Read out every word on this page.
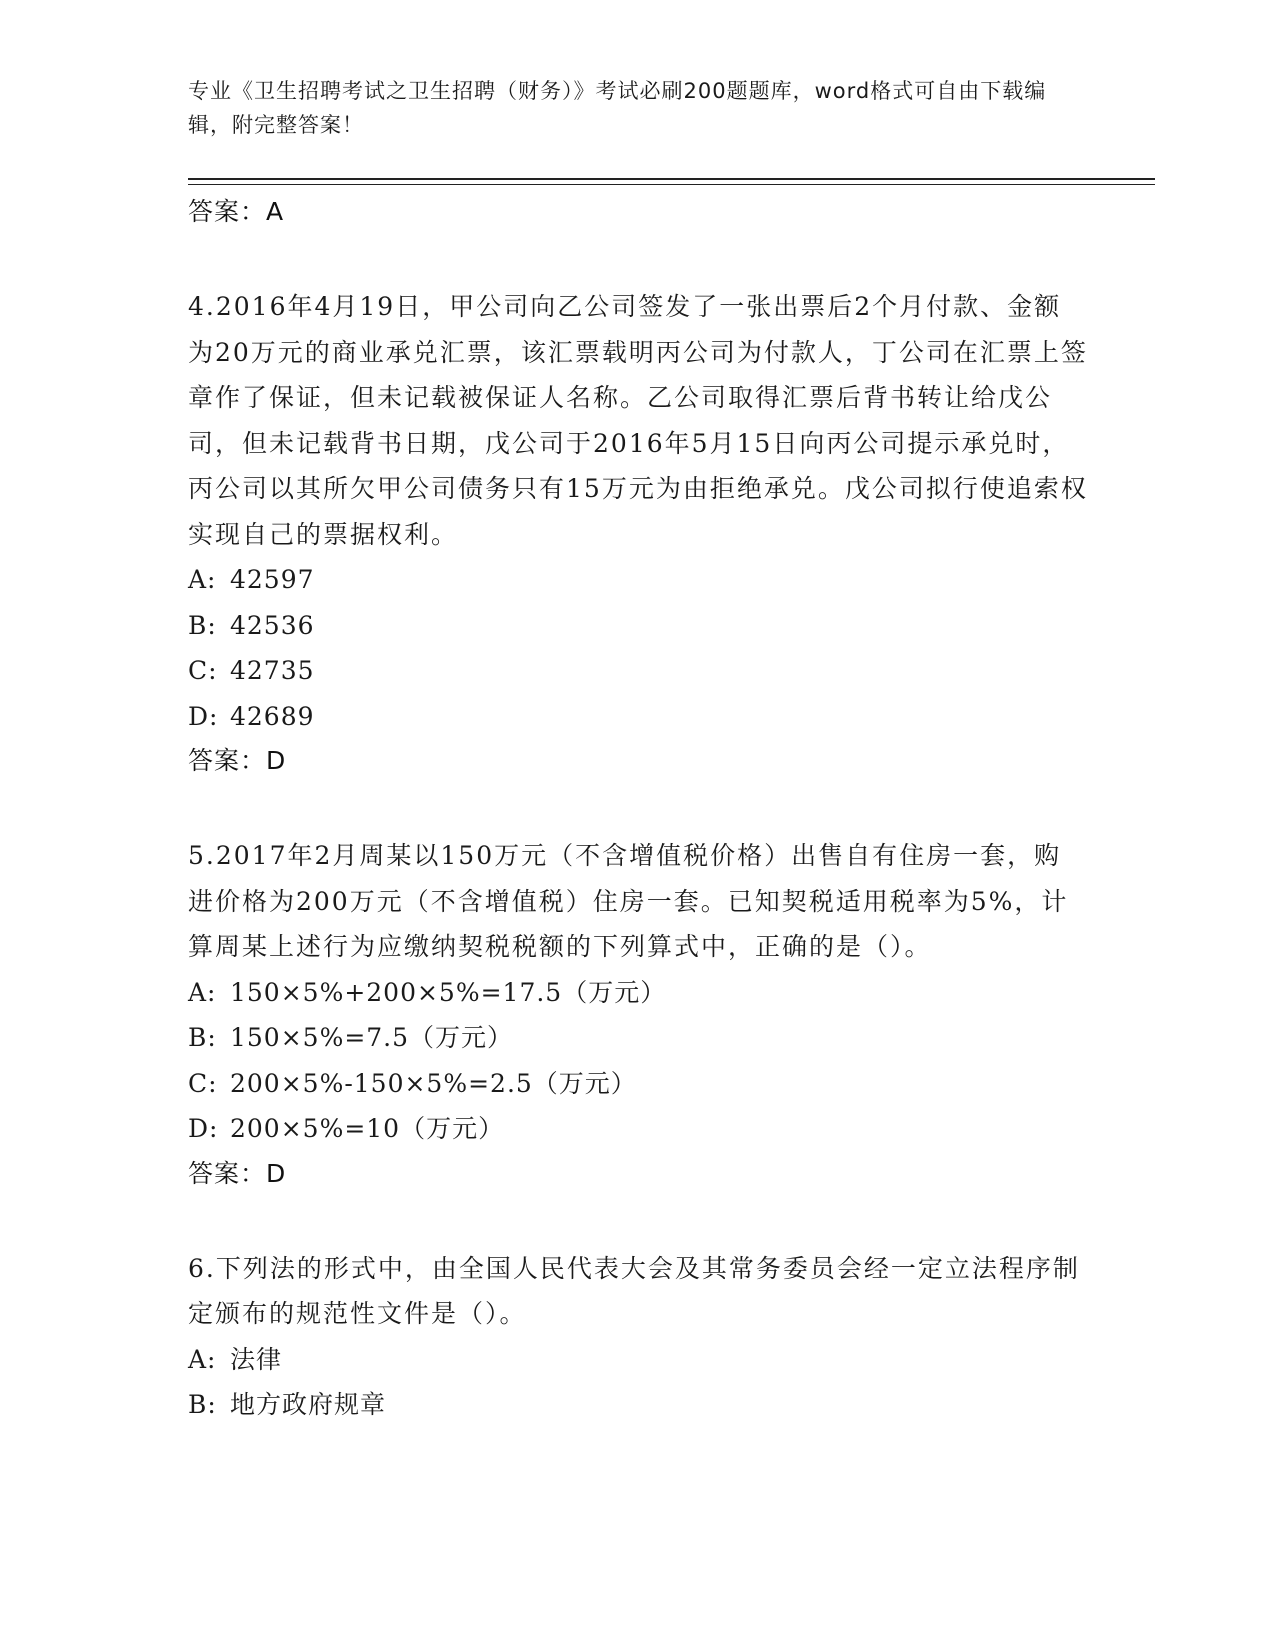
专业《卫生招聘考试之卫生招聘（财务）》考试必刷200题题库，word格式可自由下载编辑，附完整答案！
答案：A
4.2016年4月19日，甲公司向乙公司签发了一张出票后2个月付款、金额为20万元的商业承兑汇票，该汇票载明丙公司为付款人，丁公司在汇票上签章作了保证，但未记载被保证人名称。乙公司取得汇票后背书转让给戊公司，但未记载背书日期，戊公司于2016年5月15日向丙公司提示承兑时，丙公司以其所欠甲公司债务只有15万元为由拒绝承兑。戊公司拟行使追索权实现自己的票据权利。
A: 42597
B: 42536
C: 42735
D: 42689
答案：D
5.2017年2月周某以150万元（不含增值税价格）出售自有住房一套，购进价格为200万元（不含增值税）住房一套。已知契税适用税率为5%，计算周某上述行为应缴纳契税税额的下列算式中，正确的是（）。
A: 150×5%+200×5%=17.5（万元）
B: 150×5%=7.5（万元）
C: 200×5%-150×5%=2.5（万元）
D: 200×5%=10（万元）
答案：D
6.下列法的形式中，由全国人民代表大会及其常务委员会经一定立法程序制定颁布的规范性文件是（）。
A: 法律
B: 地方政府规章
